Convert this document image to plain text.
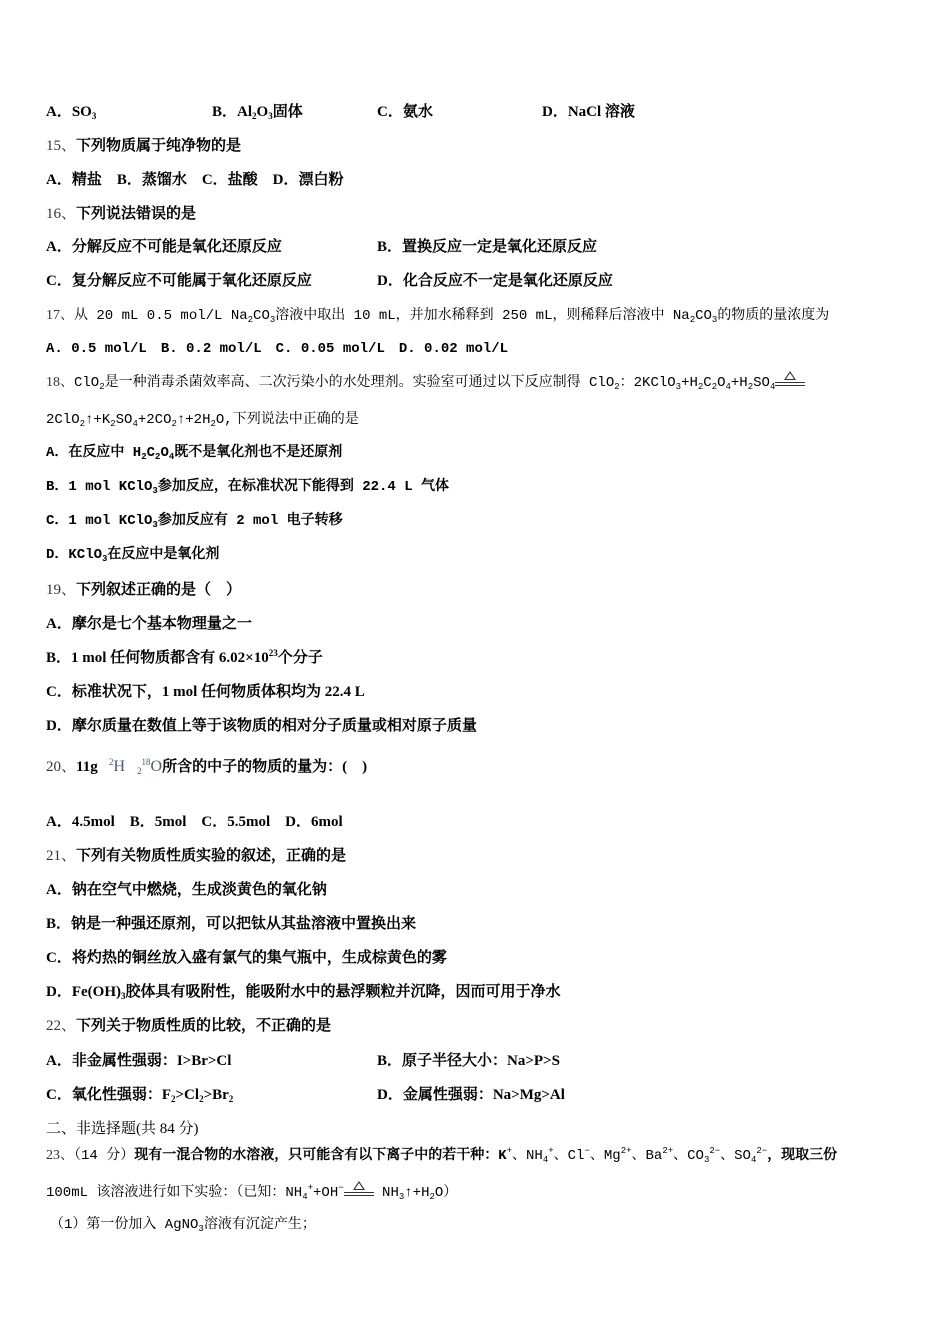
A．$SO_3$	B．$Al_2O_3$固体	C．氨水	D．NaCl 溶液
15、下列物质属于纯净物的是
A．精盐　B．蒸馏水　C．盐酸　D．漂白粉
16、下列说法错误的是
A．分解反应不可能是氧化还原反应	B．置换反应一定是氧化还原反应
C．复分解反应不可能属于氧化还原反应	D．化合反应不一定是氧化还原反应
17、从 20 mL 0.5 mol/L $Na_2CO_3$溶液中取出 10 mL，并加水稀释到 250 mL，则稀释后溶液中 $Na_2CO_3$的物质的量浓度为
A. 0.5 mol/L　B. 0.2 mol/L　C. 0.05 mol/L　D. 0.02 mol/L
18、ClO$_2$是一种消毒杀菌效率高、二次污染小的水处理剂。实验室可通过以下反应制得 ClO$_2$：$2KClO_3+H_2C_2O_4+H_2SO_4$
$2ClO_2↑+K_2SO_4+2CO_2↑+2H_2O$,下列说法中正确的是
A．在反应中 $H_2C_2O_4$既不是氧化剂也不是还原剂
B．1 mol KClO$_3$参加反应，在标准状况下能得到 22.4 L 气体
C．1 mol KClO$_3$参加反应有 2 mol 电子转移
D．KClO$_3$在反应中是氧化剂
19、下列叙述正确的是（　）
A．摩尔是七个基本物理量之一
B．1 mol 任何物质都含有 $6.02\times 10^{23}$个分子
C．标准状况下，1 mol 任何物质体积均为 22.4 L
D．摩尔质量在数值上等于该物质的相对分子质量或相对原子质量
20、11g $^2$H $_2^{18}$O所含的中子的物质的量为：(　)
A．4.5mol　B．5mol　C．5.5mol　D．6mol
21、下列有关物质性质实验的叙述，正确的是
A．钠在空气中燃烧，生成淡黄色的氧化钠
B．钠是一种强还原剂，可以把钛从其盐溶液中置换出来
C．将灼热的铜丝放入盛有氯气的集气瓶中，生成棕黄色的雾
D．$Fe(OH)_3$胶体具有吸附性，能吸附水中的悬浮颗粒并沉降，因而可用于净水
22、下列关于物质性质的比较，不正确的是
A．非金属性强弱：I>Br>Cl	B．原子半径大小：Na>P>S
C．氧化性强弱：$F_2>Cl_2>Br_2$	D．金属性强弱：Na>Mg>Al
二、非选择题(共 84 分)
23、（14 分）现有一混合物的水溶液，只可能含有以下离子中的若干种：K+、$NH_4^+$、Cl−、$Mg^{2+}$、$Ba^{2+}$、$CO_3^{2-}$、$SO_4^{2-}$，现取三份
100mL 该溶液进行如下实验：（已知：$NH_4^++OH^-$
$NH_3↑+H_2O$）
（1）第一份加入 AgNO$_3$溶液有沉淀产生；
